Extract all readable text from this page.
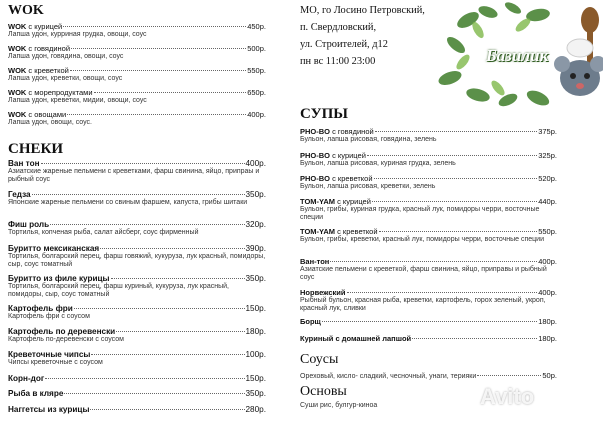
WOK
WOK с курицей	450р.
Лапша удон, курриная грудка, овощи, соус
WOK с говядиной	500р.
Лапша удон, говядина, овощи, соус
WOK с креветкой	550р.
Лапша удон, креветки, овощи, соус
WOK с морепродуктами	650р.
Лапша удон, креветки, мидии, овощи, соус
WOK с овощами	400р.
Лапша удон, овощи, соус.
СНЕКИ
Ван тон	400р.
Азиатские жареные пельмени с креветками, фарш свинина, яйцо, припраы и рыбный соус
Гедза	350р.
Японские жареные пельмени со свиным фаршем, капуста, грибы шитаки
Фиш роль	320р.
Тортилья, копченая рыба, салат айсберг, соус фирменный
Буритто мексиканская	390р.
Тортилья, болгарский перец, фарш говяжий, кукуруза, лук красный, помидоры, сыр, соус томатный
Буритто из филе курицы	350р.
Тортилья, болгарский перец, фарш куриный, кукуруза, лук красный, помидоры, сыр, соус томатный
Картофель фри	150р.
Картофель фри с соусом
Картофель по деревенски	180р.
Картофель по-деревенски с соусом
Креветочные чипсы	100р.
Чипсы креветочные с соусом
Корн-дог	150р.
Рыба в кляре	350р.
Наггетсы из курицы	280р.
МО, го Лосино Петровский,
п. Свердловский,
ул. Строителей, д12
пн вс 11:00 23:00	Базилик
СУПЫ
PHO-BO с говядиной	375р.
Бульон, лапша рисовая, говядина, зелень
PHO-BO с курицей	325р.
Бульон, лапша рисовая, куриная грудка, зелень
PHO-BO с креветкой	520р.
Бульон, лапша рисовая, креветки, зелень
TOM-YAM с курицей	440р.
Бульон, грибы, куриная грудка, красный лук, помидоры черри, восточные специи
TOM-YAM с креветкой	550р.
Бульон, грибы, креветки, красный лук, помидоры черри, восточные специи
Ван-тон	400р.
Азиатские пельмени с креветкой, фарш свинина, яйцо, приправы и рыбный соус
Норвежский	400р.
Рыбный бульон, красная рыба, креветки, картофель, горох зеленый, укроп, красный лук, сливки
Борщ	180р.
Куриный с домашней лапшой	180р.
Соусы
Ореховый, кисло- сладкий, чесночный, унаги, терияки	50р.
Основы
Суши рис, булгур-киноа	Avito
